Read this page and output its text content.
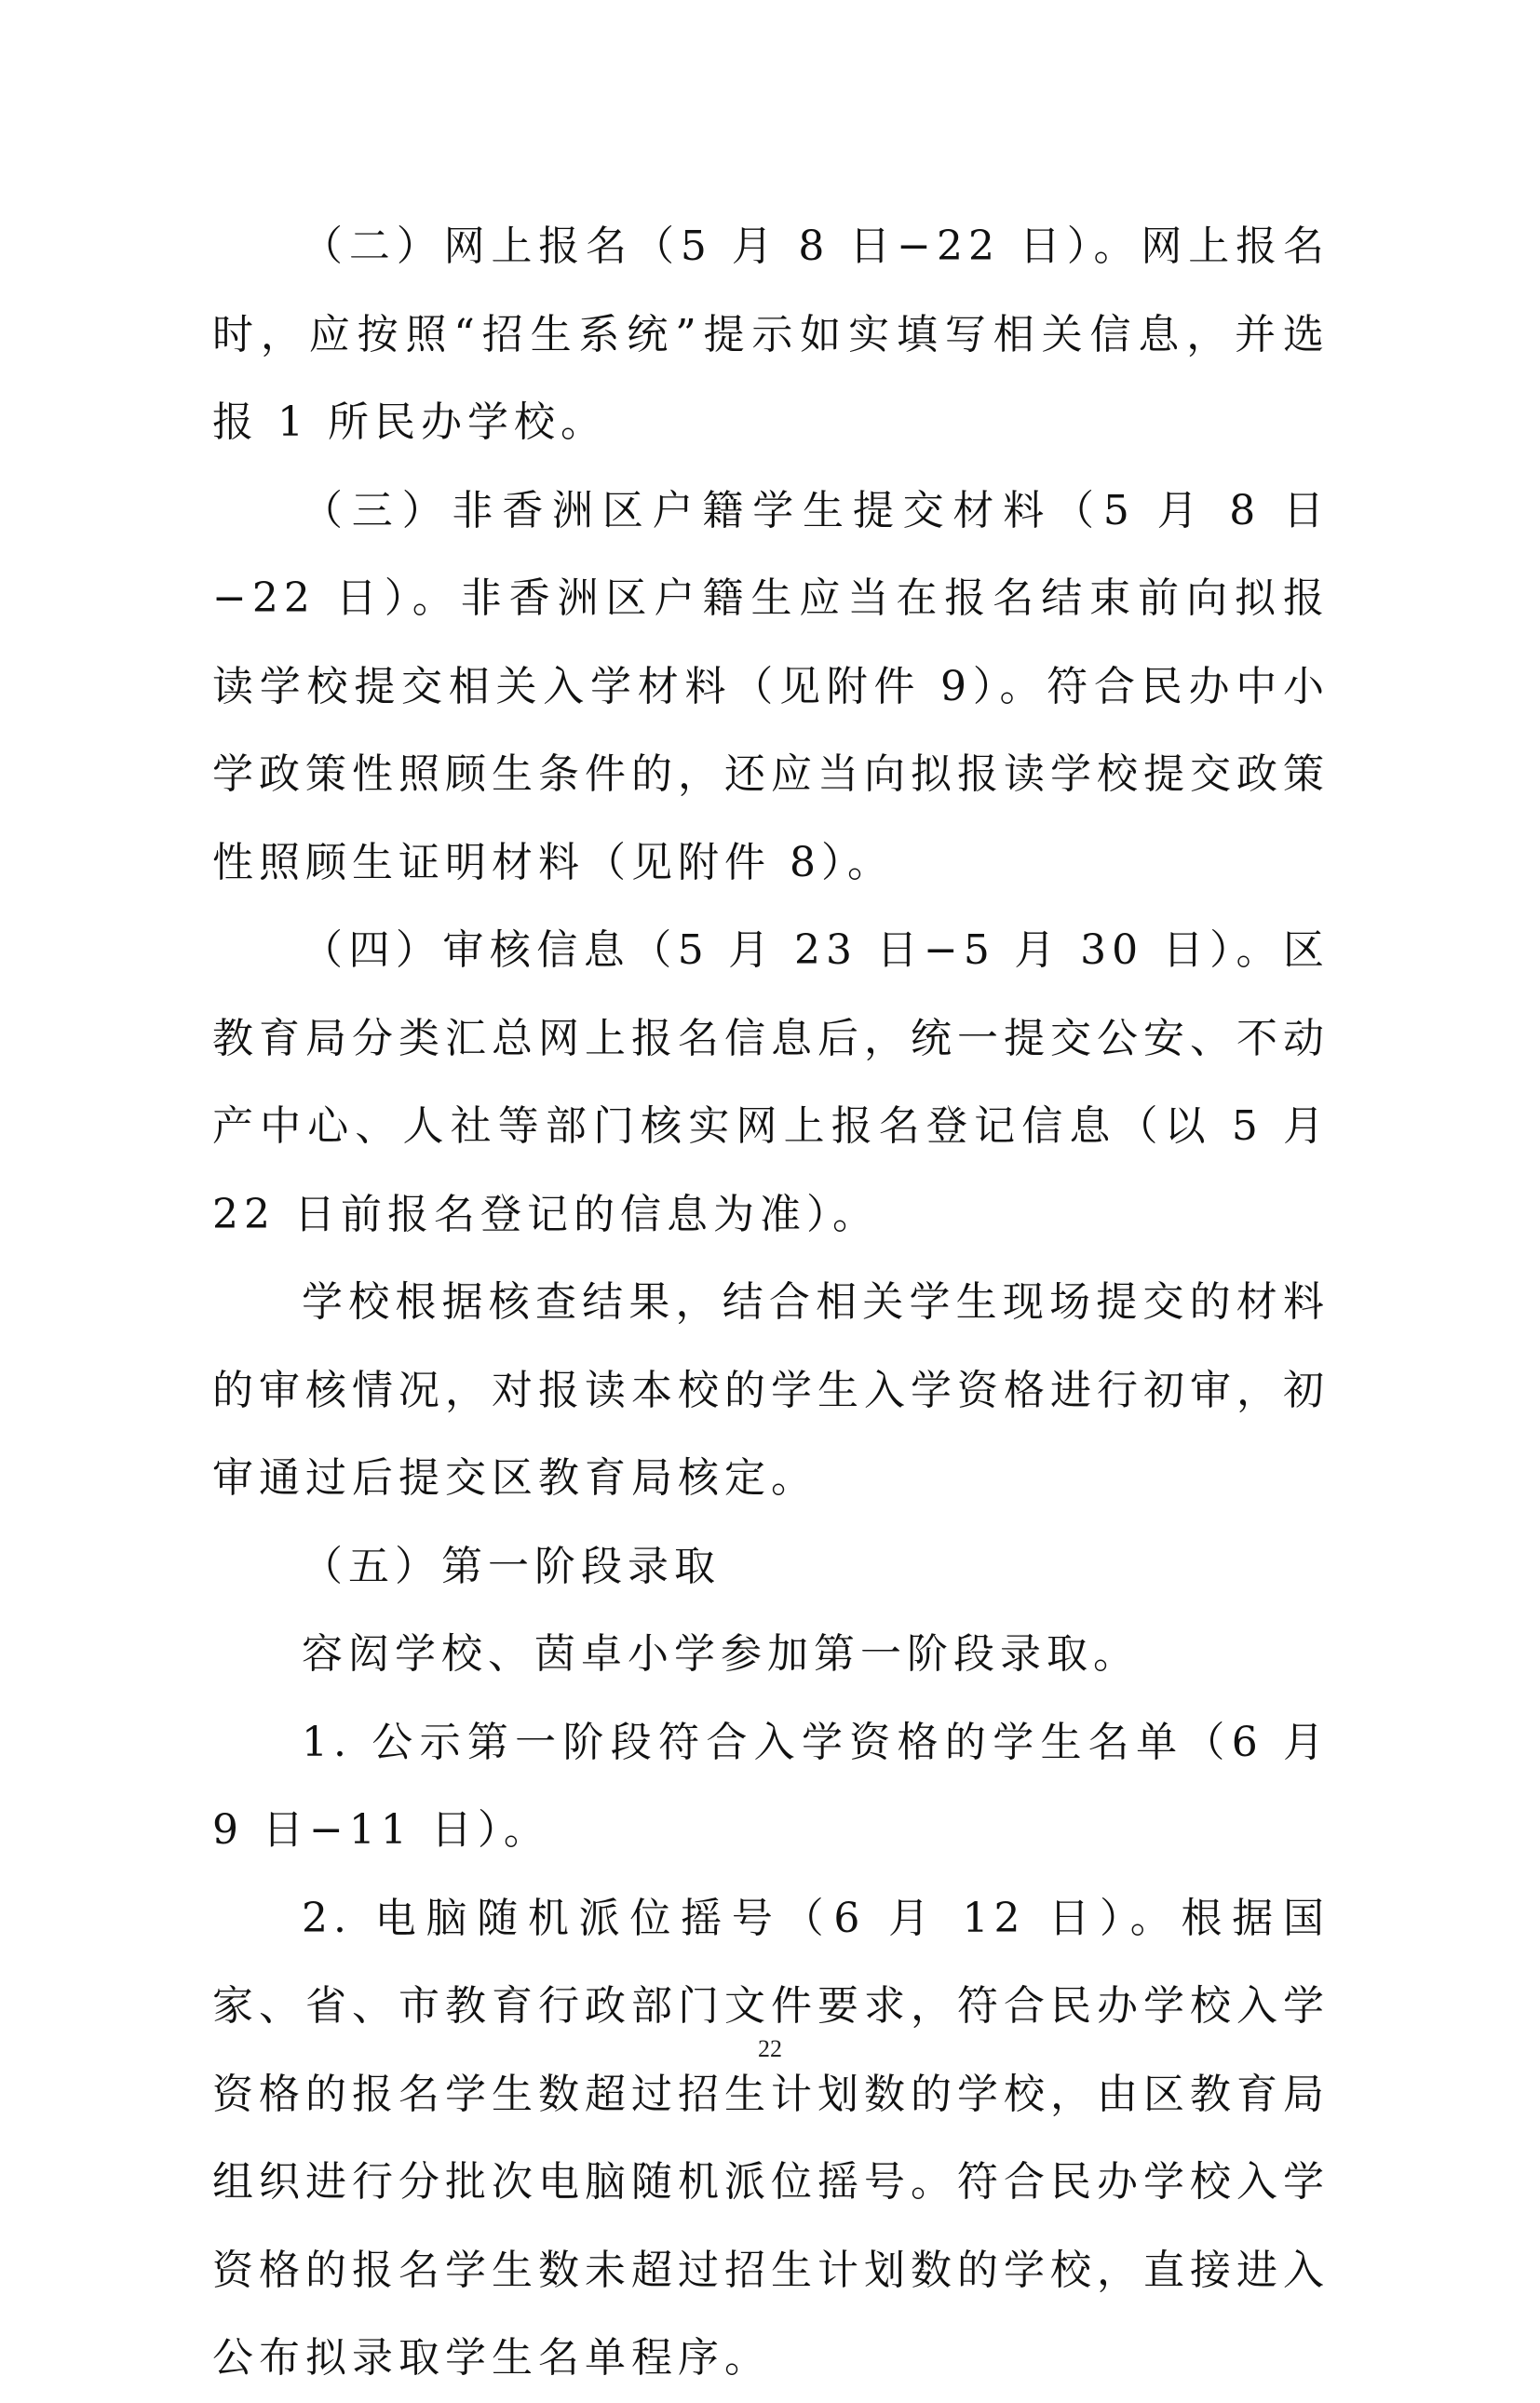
（二）网上报名（5 月 8 日−22 日）。网上报名时，应按照“招生系统”提示如实填写相关信息，并选报 1 所民办学校。

（三）非香洲区户籍学生提交材料（5 月 8 日−22 日）。非香洲区户籍生应当在报名结束前向拟报读学校提交相关入学材料（见附件 9）。符合民办中小学政策性照顾生条件的，还应当向拟报读学校提交政策性照顾生证明材料（见附件 8）。

（四）审核信息（5 月 23 日−5 月 30 日）。区教育局分类汇总网上报名信息后，统一提交公安、不动产中心、人社等部门核实网上报名登记信息（以 5 月 22 日前报名登记的信息为准）。

学校根据核查结果，结合相关学生现场提交的材料的审核情况，对报读本校的学生入学资格进行初审，初审通过后提交区教育局核定。

（五）第一阶段录取

容闳学校、茵卓小学参加第一阶段录取。

1. 公示第一阶段符合入学资格的学生名单（6 月 9 日−11 日）。

2. 电脑随机派位摇号（6 月 12 日）。根据国家、省、市教育行政部门文件要求，符合民办学校入学资格的报名学生数超过招生计划数的学校，由区教育局组织进行分批次电脑随机派位摇号。符合民办学校入学资格的报名学生数未超过招生计划数的学校，直接进入公布拟录取学生名单程序。

22
